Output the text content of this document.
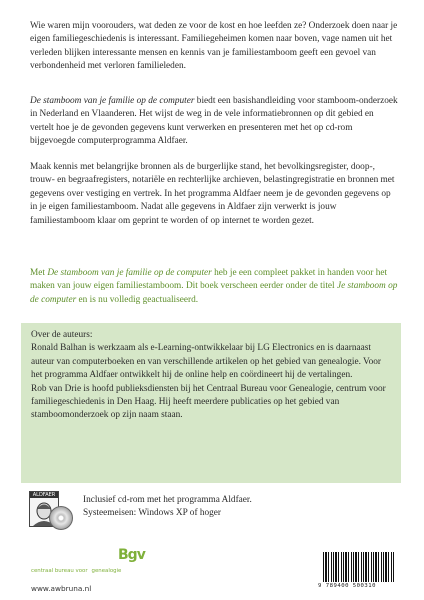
Wie waren mijn voorouders, wat deden ze voor de kost en hoe leefden ze? Onderzoek doen naar je eigen familiegeschiedenis is interessant. Familiegeheimen komen naar boven, vage namen uit het verleden blijken interessante mensen en kennis van je familiestamboom geeft een gevoel van verbondenheid met verloren familieleden.

De stamboom van je familie op de computer biedt een basishandleiding voor stamboom-onderzoek in Nederland en Vlaanderen. Het wijst de weg in de vele informatiebronnen op dit gebied en vertelt hoe je de gevonden gegevens kunt verwerken en presenteren met het op cd-rom bijgevoegde computerprogramma Aldfaer.

Maak kennis met belangrijke bronnen als de burgerlijke stand, het bevolkingsregister, doop-, trouw- en begraafregisters, notariële en rechterlijke archieven, belastingregistratie en bronnen met gegevens over vestiging en vertrek. In het programma Aldfaer neem je de gevonden gegevens op in je eigen familiestamboom. Nadat alle gegevens in Aldfaer zijn verwerkt is jouw familiestamboom klaar om geprint te worden of op internet te worden gezet.

Met De stamboom van je familie op de computer heb je een compleet pakket in handen voor het maken van jouw eigen familiestamboom. Dit boek verscheen eerder onder de titel Je stamboom op de computer en is nu volledig geactualiseerd.

Over de auteurs:

Ronald Balhan is werkzaam als e-Learning-ontwikkelaar bij LG Electronics en is daarnaast auteur van computerboeken en van verschillende artikelen op het gebied van genealogie. Voor het programma Aldfaer ontwikkelt hij de online help en coördineert hij de vertalingen.

Rob van Drie is hoofd publieksdiensten bij het Centraal Bureau voor Genealogie, centrum voor familiegeschiedenis in Den Haag. Hij heeft meerdere publicaties op het gebied van stamboomonderzoek op zijn naam staan.

ALDFAER	Inclusief cd-rom met het programma Aldfaer.
Systeemeisen: Windows XP of hoger
Bgv
centraal bureau voor genealogie
www.awbruna.nl	9 789400 500310
